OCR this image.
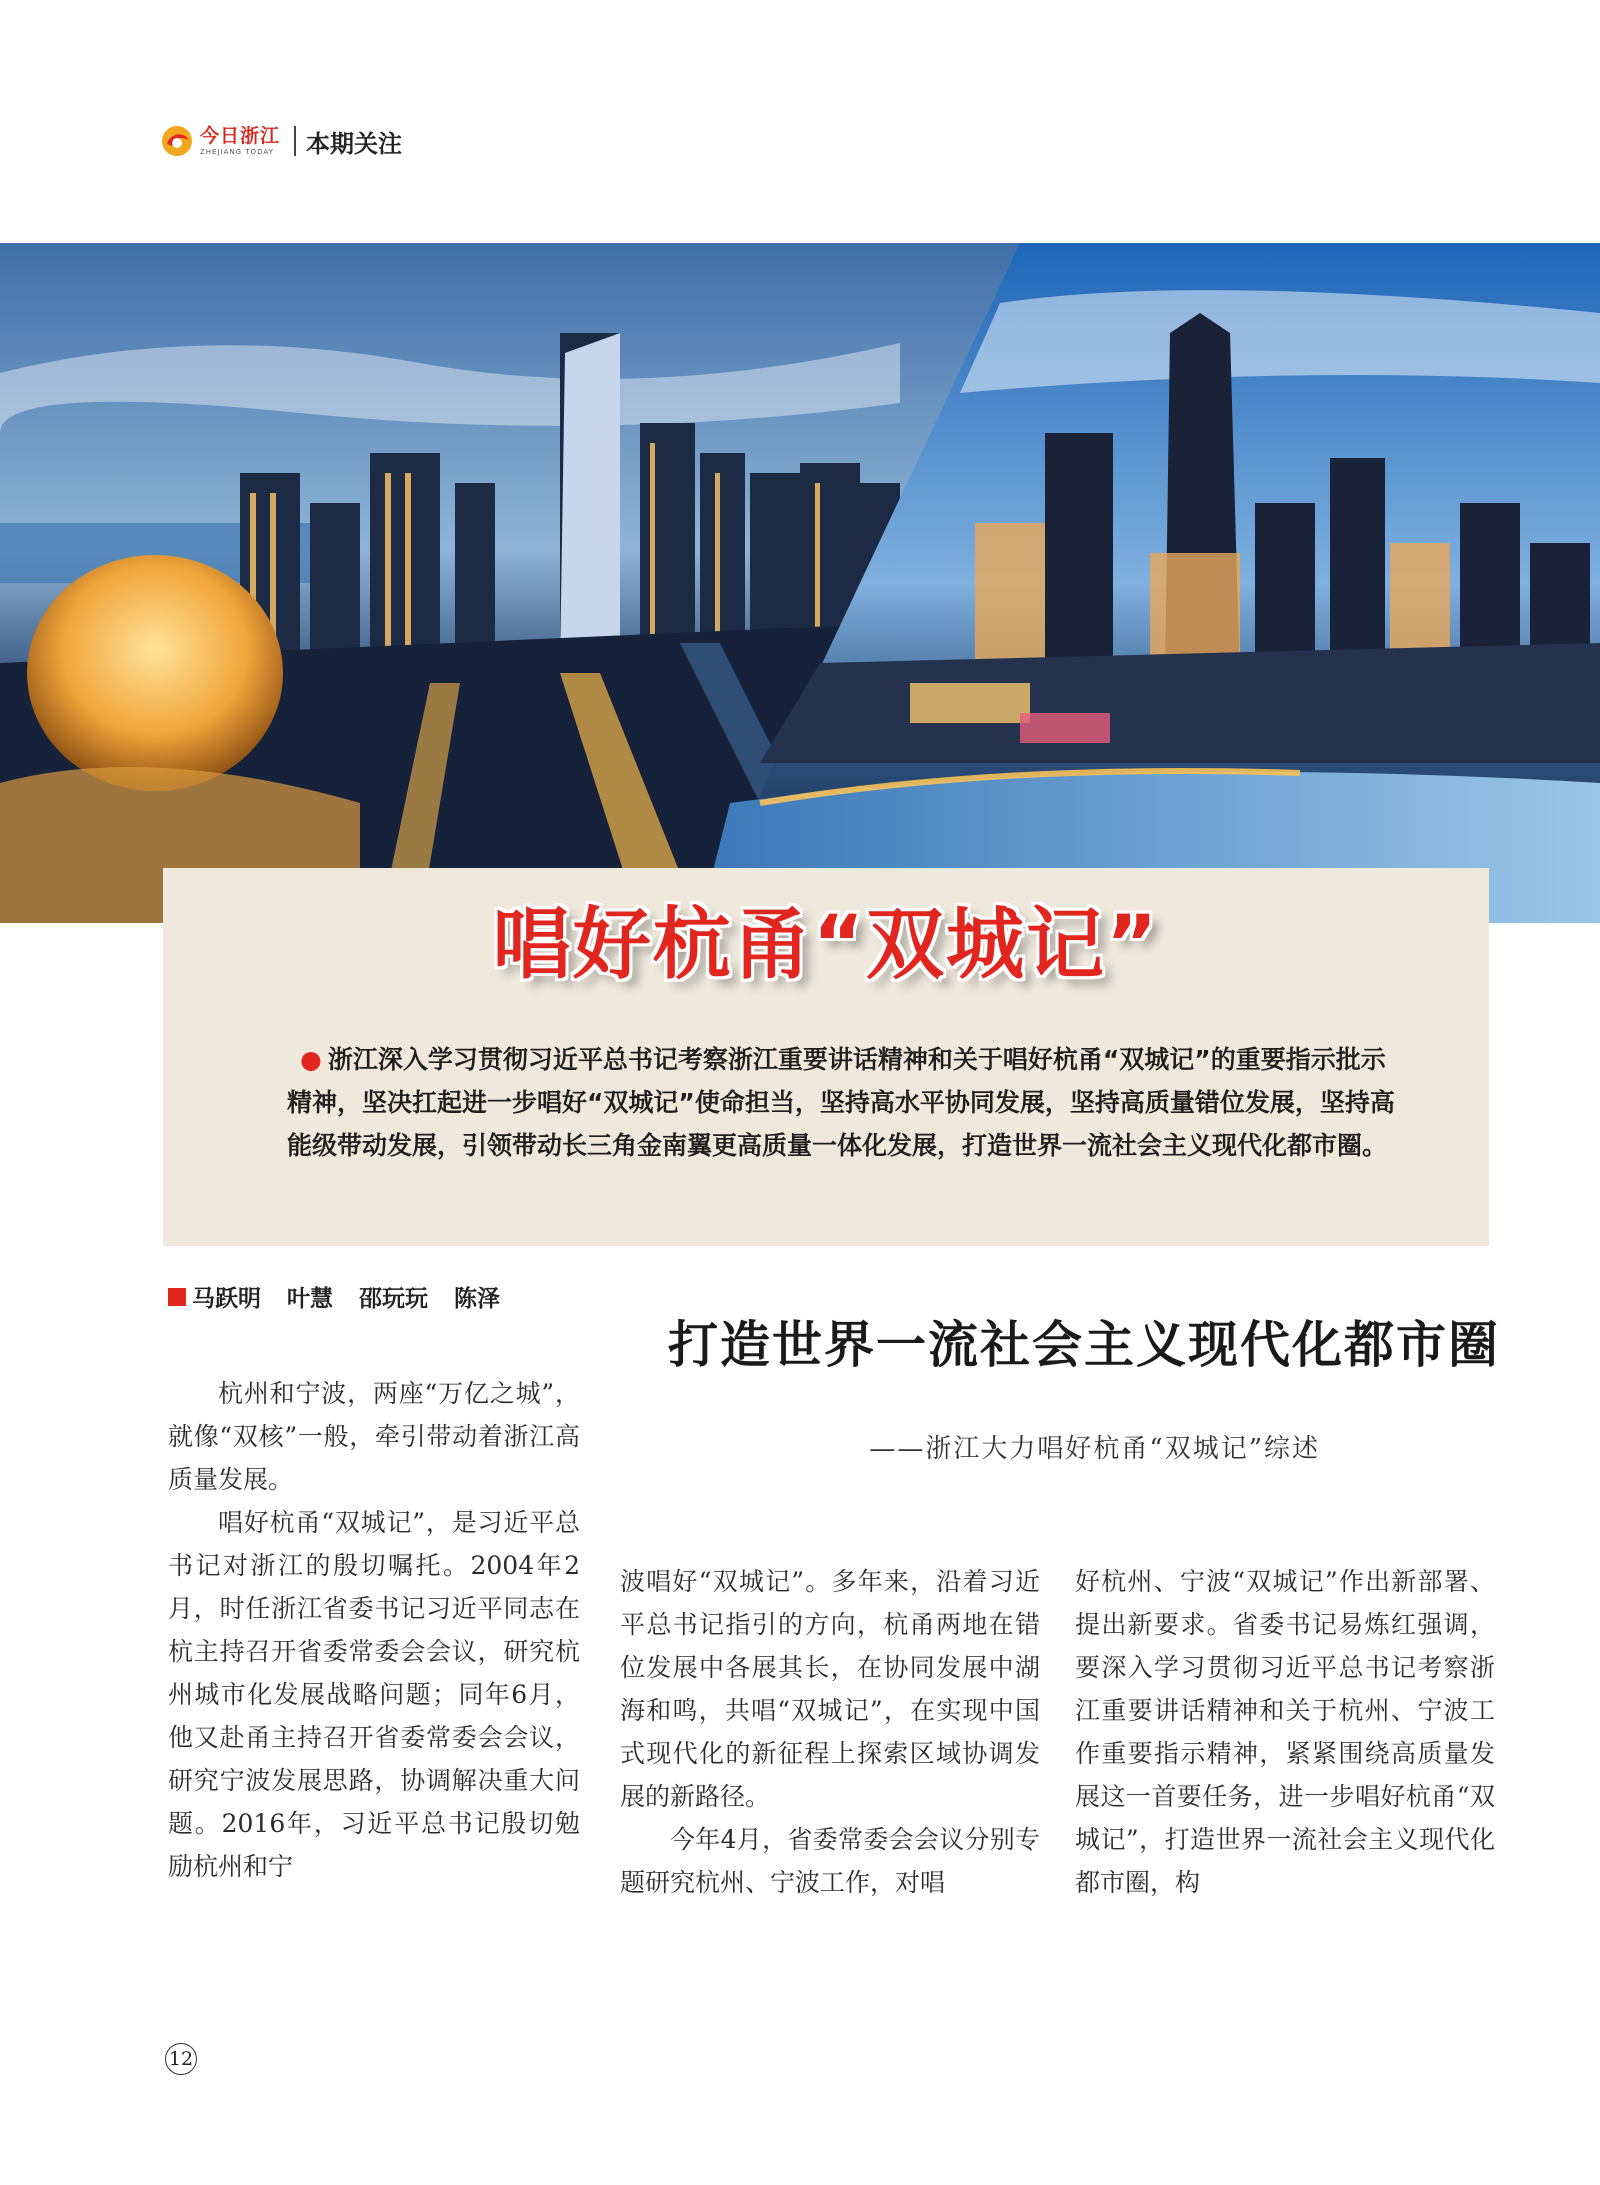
今日浙江
ZHEJIANG TODAY 本期关注
唱好杭甬“双城记”
● 浙江深入学习贯彻习近平总书记考察浙江重要讲话精神和关于唱好杭甬“双城记”的重要指示批示精神，坚决扛起进一步唱好“双城记”使命担当，坚持高水平协同发展，坚持高质量错位发展，坚持高能级带动发展，引领带动长三角金南翼更高质量一体化发展，打造世界一流社会主义现代化都市圈。
马跃明 叶慧 邵玩玩 陈泽
打造世界一流社会主义现代化都市圈
——浙江大力唱好杭甬“双城记”综述

杭州和宁波，两座“万亿之城”，就像“双核”一般，牵引带动着浙江高质量发展。

唱好杭甬“双城记”，是习近平总书记对浙江的殷切嘱托。2004年2月，时任浙江省委书记习近平同志在杭主持召开省委常委会会议，研究杭州城市化发展战略问题；同年6月，他又赴甬主持召开省委常委会会议，研究宁波发展思路，协调解决重大问题。2016年，习近平总书记殷切勉励杭州和宁

波唱好“双城记”。多年来，沿着习近平总书记指引的方向，杭甬两地在错位发展中各展其长，在协同发展中湖海和鸣，共唱“双城记”，在实现中国式现代化的新征程上探索区域协调发展的新路径。

今年4月，省委常委会会议分别专题研究杭州、宁波工作，对唱

好杭州、宁波“双城记”作出新部署、提出新要求。省委书记易炼红强调，要深入学习贯彻习近平总书记考察浙江重要讲话精神和关于杭州、宁波工作重要指示精神，紧紧围绕高质量发展这一首要任务，进一步唱好杭甬“双城记”，打造世界一流社会主义现代化都市圈，构

12
